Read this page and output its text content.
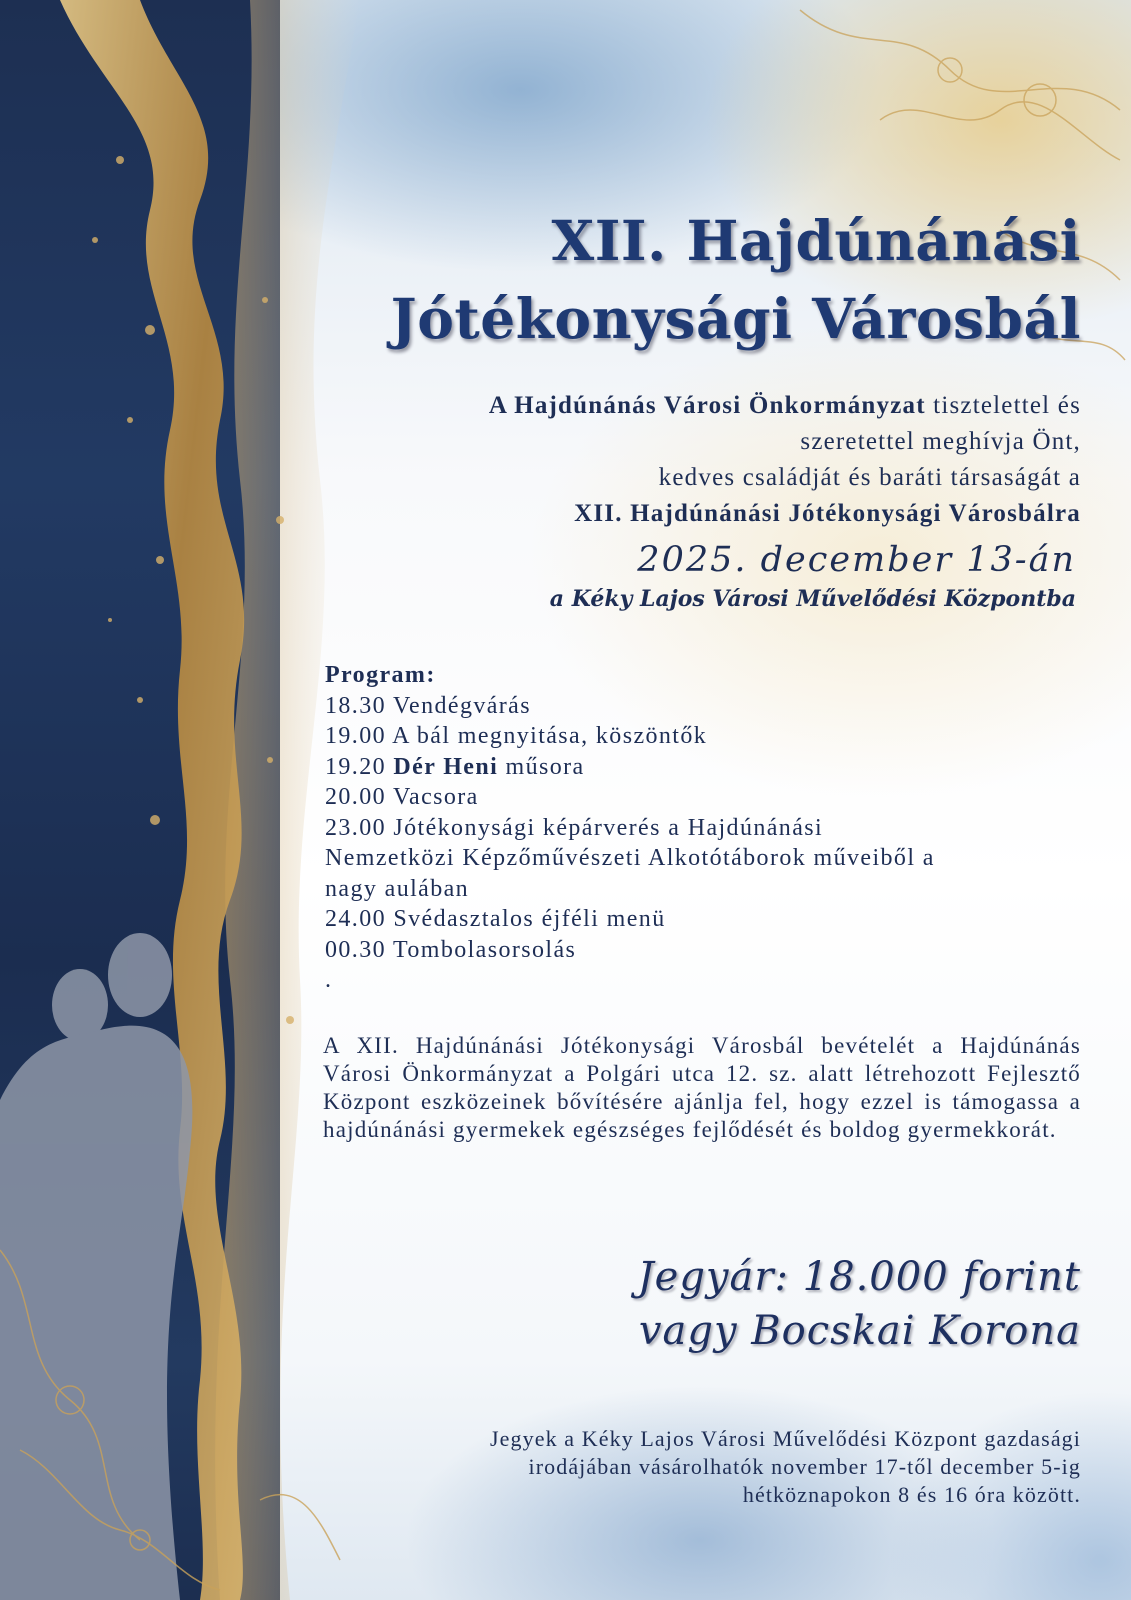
XII. Hajdúnánási
Jótékonysági Városbál
A Hajdúnánás Városi Önkormányzat tisztelettel és
szeretettel meghívja Önt,
kedves családját és baráti társaságát a
XII. Hajdúnánási Jótékonysági Városbálra
2025. december 13-án
a Kéky Lajos Városi Művelődési Központba
Program:
18.30 Vendégvárás
19.00 A bál megnyitása, köszöntők
19.20 Dér Heni műsora
20.00 Vacsora
23.00 Jótékonysági képárverés a Hajdúnánási
Nemzetközi Képzőművészeti Alkotótáborok műveiből a
nagy aulában
24.00 Svédasztalos éjféli menü
00.30 Tombolasorsolás
.
A XII. Hajdúnánási Jótékonysági Városbál bevételét a Hajdúnánás Városi Önkormányzat a Polgári utca 12. sz. alatt létrehozott Fejlesztő Központ eszközeinek bővítésére ajánlja fel, hogy ezzel is támogassa a hajdúnánási gyermekek egészséges fejlődését és boldog gyermekkorát.
Jegyár: 18.000 forint
vagy Bocskai Korona
Jegyek a Kéky Lajos Városi Művelődési Központ gazdasági
irodájában vásárolhatók november 17-től december 5-ig
hétköznapokon 8 és 16 óra között.
